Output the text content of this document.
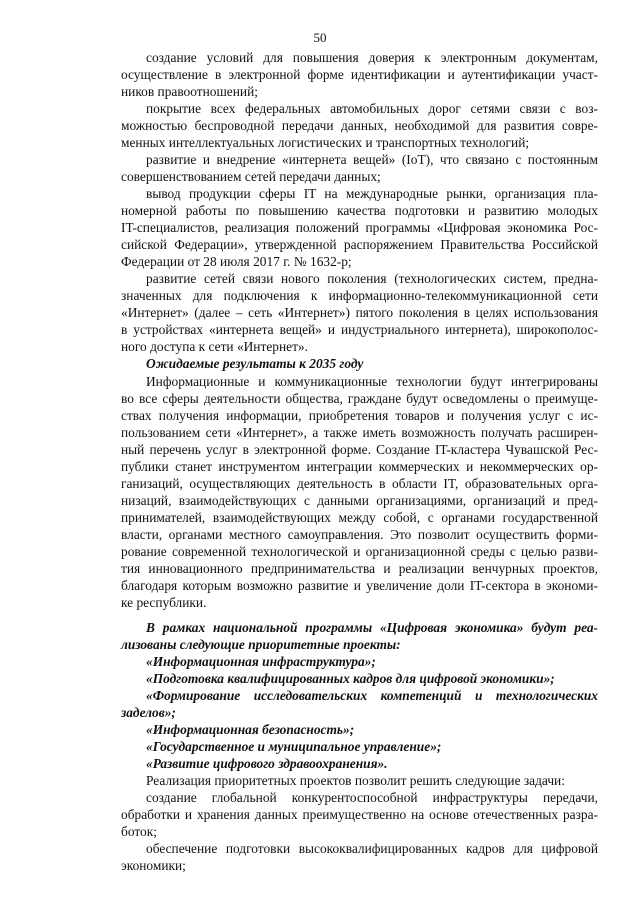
50
создание условий для повышения доверия к электронным документам,
осуществление в электронной форме идентификации и аутентификации участ-
ников правоотношений;
покрытие всех федеральных автомобильных дорог сетями связи с воз-
можностью беспроводной передачи данных, необходимой для развития совре-
менных интеллектуальных логистических и транспортных технологий;
развитие и внедрение «интернета вещей» (IoT), что связано с постоянным
совершенствованием сетей передачи данных;
вывод продукции сферы IT на международные рынки, организация пла-
номерной работы по повышению качества подготовки и развитию молодых
IT-специалистов, реализация положений программы «Цифровая экономика Рос-
сийской Федерации», утвержденной распоряжением Правительства Российской
Федерации от 28 июля 2017 г. № 1632-р;
развитие сетей связи нового поколения (технологических систем, предна-
значенных для подключения к информационно-телекоммуникационной сети
«Интернет» (далее – сеть «Интернет») пятого поколения в целях использования
в устройствах «интернета вещей» и индустриального интернета), широкополос-
ного доступа к сети «Интернет».
Ожидаемые результаты к 2035 году
Информационные и коммуникационные технологии будут интегрированы
во все сферы деятельности общества, граждане будут осведомлены о преимуще-
ствах получения информации, приобретения товаров и получения услуг с ис-
пользованием сети «Интернет», а также иметь возможность получать расширен-
ный перечень услуг в электронной форме. Создание IT-кластера Чувашской Рес-
публики станет инструментом интеграции коммерческих и некоммерческих ор-
ганизаций, осуществляющих деятельность в области IT, образовательных орга-
низаций, взаимодействующих с данными организациями, организаций и пред-
принимателей, взаимодействующих между собой, с органами государственной
власти, органами местного самоуправления. Это позволит осуществить форми-
рование современной технологической и организационной среды с целью разви-
тия инновационного предпринимательства и реализации венчурных проектов,
благодаря которым возможно развитие и увеличение доли IT-сектора в экономи-
ке республики.
В рамках национальной программы «Цифровая экономика» будут реа-
лизованы следующие приоритетные проекты:
«Информационная инфраструктура»;
«Подготовка квалифицированных кадров для цифровой экономики»;
«Формирование исследовательских компетенций и технологических
заделов»;
«Информационная безопасность»;
«Государственное и муниципальное управление»;
«Развитие цифрового здравоохранения».
Реализация приоритетных проектов позволит решить следующие задачи:
создание глобальной конкурентоспособной инфраструктуры передачи,
обработки и хранения данных преимущественно на основе отечественных разра-
боток;
обеспечение подготовки высококвалифицированных кадров для цифровой
экономики;
